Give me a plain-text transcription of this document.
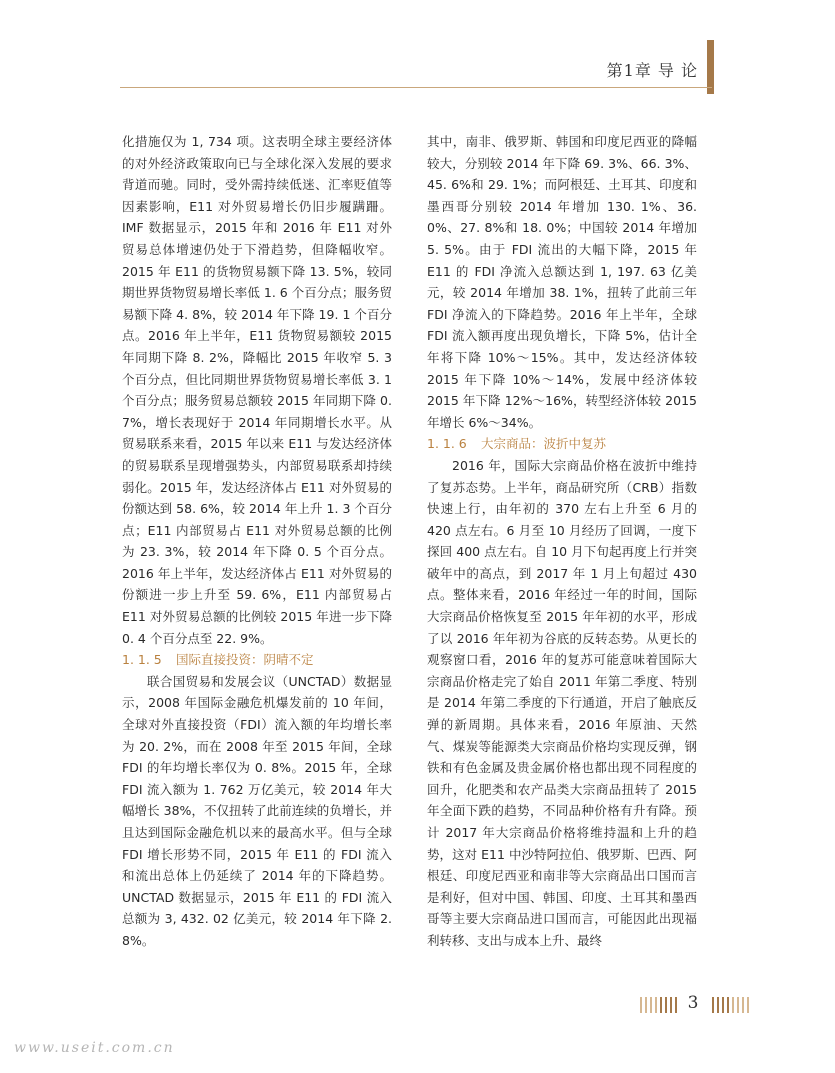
第1章 导 论

化措施仅为 1, 734 项。这表明全球主要经济体的对外经济政策取向已与全球化深入发展的要求背道而驰。同时，受外需持续低迷、汇率贬值等因素影响，E11 对外贸易增长仍旧步履蹒跚。IMF 数据显示，2015 年和 2016 年 E11 对外贸易总体增速仍处于下滑趋势，但降幅收窄。2015 年 E11 的货物贸易额下降 13. 5%，较同期世界货物贸易增长率低 1. 6 个百分点；服务贸易额下降 4. 8%，较 2014 年下降 19. 1 个百分点。2016 年上半年，E11 货物贸易额较 2015 年同期下降 8. 2%，降幅比 2015 年收窄 5. 3 个百分点，但比同期世界货物贸易增长率低 3. 1 个百分点；服务贸易总额较 2015 年同期下降 0. 7%，增长表现好于 2014 年同期增长水平。从贸易联系来看，2015 年以来 E11 与发达经济体的贸易联系呈现增强势头，内部贸易联系却持续弱化。2015 年，发达经济体占 E11 对外贸易的份额达到 58. 6%，较 2014 年上升 1. 3 个百分点；E11 内部贸易占 E11 对外贸易总额的比例为 23. 3%，较 2014 年下降 0. 5 个百分点。2016 年上半年，发达经济体占 E11 对外贸易的份额进一步上升至 59. 6%，E11 内部贸易占 E11 对外贸易总额的比例较 2015 年进一步下降 0. 4 个百分点至 22. 9%。

1. 1. 5 国际直接投资：阴晴不定

联合国贸易和发展会议（UNCTAD）数据显示，2008 年国际金融危机爆发前的 10 年间，全球对外直接投资（FDI）流入额的年均增长率为 20. 2%，而在 2008 年至 2015 年间，全球 FDI 的年均增长率仅为 0. 8%。2015 年，全球 FDI 流入额为 1. 762 万亿美元，较 2014 年大幅增长 38%，不仅扭转了此前连续的负增长，并且达到国际金融危机以来的最高水平。但与全球 FDI 增长形势不同，2015 年 E11 的 FDI 流入和流出总体上仍延续了 2014 年的下降趋势。UNCTAD 数据显示，2015 年 E11 的 FDI 流入总额为 3, 432. 02 亿美元，较 2014 年下降 2. 8%。

其中，南非、俄罗斯、韩国和印度尼西亚的降幅较大，分别较 2014 年下降 69. 3%、66. 3%、45. 6%和 29. 1%；而阿根廷、土耳其、印度和墨西哥分别较 2014 年增加 130. 1%、36. 0%、27. 8%和 18. 0%；中国较 2014 年增加 5. 5%。由于 FDI 流出的大幅下降，2015 年 E11 的 FDI 净流入总额达到 1, 197. 63 亿美元，较 2014 年增加 38. 1%，扭转了此前三年 FDI 净流入的下降趋势。2016 年上半年，全球 FDI 流入额再度出现负增长，下降 5%，估计全年将下降 10%～15%。其中，发达经济体较 2015 年下降 10%～14%，发展中经济体较 2015 年下降 12%～16%，转型经济体较 2015 年增长 6%～34%。

1. 1. 6 大宗商品：波折中复苏

2016 年，国际大宗商品价格在波折中维持了复苏态势。上半年，商品研究所（CRB）指数快速上行，由年初的 370 左右上升至 6 月的 420 点左右。6 月至 10 月经历了回调，一度下探回 400 点左右。自 10 月下旬起再度上行并突破年中的高点，到 2017 年 1 月上旬超过 430 点。整体来看，2016 年经过一年的时间，国际大宗商品价格恢复至 2015 年年初的水平，形成了以 2016 年年初为谷底的反转态势。从更长的观察窗口看，2016 年的复苏可能意味着国际大宗商品价格走完了始自 2011 年第二季度、特别是 2014 年第二季度的下行通道，开启了触底反弹的新周期。具体来看，2016 年原油、天然气、煤炭等能源类大宗商品价格均实现反弹，钢铁和有色金属及贵金属价格也都出现不同程度的回升，化肥类和农产品类大宗商品扭转了 2015 年全面下跌的趋势，不同品种价格有升有降。预计 2017 年大宗商品价格将维持温和上升的趋势，这对 E11 中沙特阿拉伯、俄罗斯、巴西、阿根廷、印度尼西亚和南非等大宗商品出口国而言是利好，但对中国、韩国、印度、土耳其和墨西哥等主要大宗商品进口国而言，可能因此出现福利转移、支出与成本上升、最终

3
www.useit.com.cn
